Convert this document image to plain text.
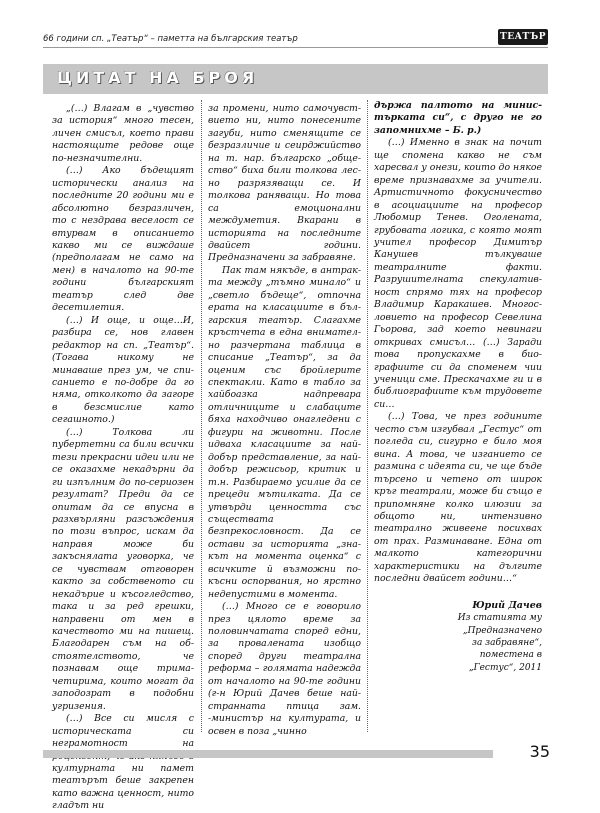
66 години сп. „Театър“ – паметта на българския театър	ТЕАТЪР
ЦИТАТ НА БРОЯ

„(…) Влагам в „чувство за история“ много тесен, личен смисъл, което прави настоящите редове още по-незначителни.

(…) Ако бъдещият исторически анализ на последните 20 години ми е абсолютно безразличен, то с нездрава веселост се втурвам в описанието какво ми се виждаше (предполагам не само на мен) в началото на 90-те години българският театър след две десетилетия.

(…) И още, и още…И, разбира се, нов главен редактор на сп. „Театър“. (Тогава никому не минаваше през ум, че списанието е по-добре да го няма, отколкото да загоре в безсмислие като сегашното.)

(…) Толкова ли пубертетни са били всички тези прекрасни идеи или не се оказахме некадърни да ги изпълним до по-сериозен резултат? Преди да се опитам да се впусна в разхвърляни разсъждения по този въпрос, искам да направя може би закъснялата уговорка, че се чувствам отговорен както за собственото си некадърие и късогледство, така и за ред грешки, направени от мен в качеството ми на пишещ. Благодарен съм на обстоятелството, че познавам още трима-четирима, които могат да заподозрат в подобни угризения.

(…) Все си мисля с историческата си негрaмотност на културната ни памет театърът беше закрепен като важна ценност, нито гладът ни

за промени, нито самочувствието ни, нито понесените загуби, нито сменящите се безразличие и сеирджийство на т. нар. българско „общество“ биха били толкова лесно разрязяващи се. И толкова раняващи. Но това са емоционални междуметия. Вкарани в историята на последните двайсет години. Предназначени за забравяне.

Пак там някъде, в антракта между „тъмно минало“ и „светло бъдеще“, отпочна ерата на класациите в българския театър. Слагахме кръстчета в една внимателно разчертана таблица в списание „Театър“, за да оценим със бройлерите спектакли. Като в табло за хайбоазка надпреварa отличниците и слабаците бяха находчиво онагледени с фигури на животни. После идваха класациите за най-добър представление, за най-добър режисьор, критик и т.н. Разбираемо усилие да се прецеди мътилката. Да се утвърди ценността със съществата безпрекословност. Да се остави за историята „знакът на момента оценка“ с всичките й възможни по-късни оспорвания, но ярстно недепустими в момента.

(…) Много се е говорило през цялото време за половинчатата според едни, за провалената изобщо според други театрална реформа – голямата надежда от началото на 90-те години (г-н Юрий Дачев беше най-странната птица зам. -министър на културaта, и освен в поза „чинно

държа палтото на министърката си“, с друго не го запомнихме – Б. р.)

(…) Именно в знак на почит ще спомена какво не съм харесвал у онези, които до някое време признавахме за учители. Артистичното фокусничество в асоциациите на професор Любомир Тенев. Оголената, грубоватa логика, с която моят учител професор Димитър Канушев тълкуваше театралните факти. Разрушителната спекулативност спрямо тях на професор Владимир Каракашев. Многословието на професор Севелина Гьорова, зад което невинаги откривах смисъл… (…) Заради това пропускахме в биографиите си да споменем чии ученици сме. Прескачахме ги и в библиографиите към трудовете си…

(…) Това, че през годините често съм изгубвал „Гестус“ от погледа си, сигурно е било моя вина. А това, че изганието се размина с идеята си, че ще бъде търсено и четено от широк кръг театрали, може би също е припомняне колко илюзии за общото ни, интензивно театрално живеене посихвах от прах. Разминаване. Една от малкото категорични характеристики на дългите последни двайсет години…“

Юрий Дачев
Из статията му
„Предназначено
за забравяне“,
поместена в
„Гестус“, 2011
35
